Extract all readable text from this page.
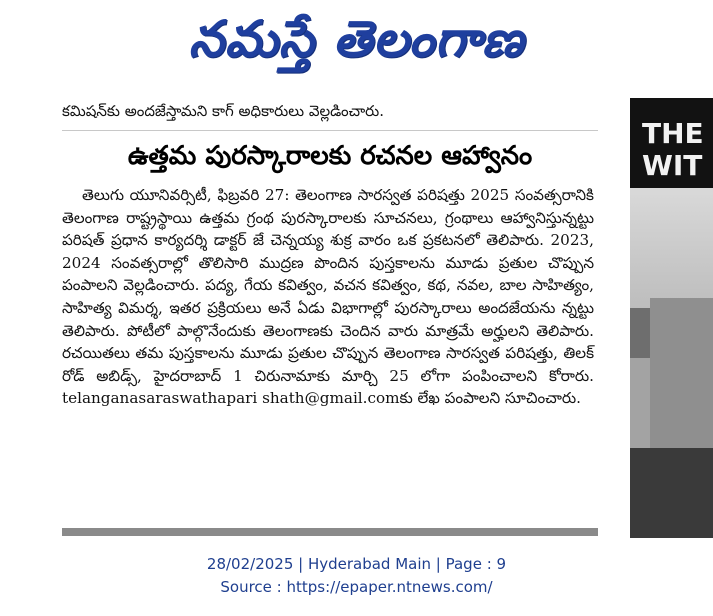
నమస్తే తెలంగాణ
కమిషన్‌కు అందజేస్తామని కాగ్ అధికారులు వెల్లడించారు.
ఉత్తమ పురస్కారాలకు రచనల ఆహ్వానం
తెలుగు యూనివర్సిటీ, ఫిబ్రవరి 27: తెలంగాణ సారస్వత పరిషత్తు 2025 సంవత్సరానికి తెలంగాణ రాష్ట్రస్థాయి ఉత్తమ గ్రంథ పురస్కారాలకు సూచనలు, గ్రంథాలు ఆహ్వానిస్తున్నట్టు పరిషత్ ప్రధాన కార్యదర్శి డాక్టర్ జే చెన్నయ్య శుక్ర వారం ఒక ప్రకటనలో తెలిపారు. 2023, 2024 సంవత్సరాల్లో తొలిసారి ముద్రణ పొందిన పుస్తకాలను మూడు ప్రతుల చొప్పున పంపాలని వెల్లడించారు. పద్య, గేయ కవిత్వం, వచన కవిత్వం, కథ, నవల, బాల సాహిత్యం, సాహిత్య విమర్శ, ఇతర ప్రక్రియలు అనే ఏడు విభాగాల్లో పురస్కారాలు అందజేయను న్నట్టు తెలిపారు. పోటీలో పాల్గొనేందుకు తెలంగాణకు చెందిన వారు మాత్రమే అర్హులని తెలిపారు. రచయితలు తమ పుస్తకాలను మూడు ప్రతుల చొప్పున తెలంగాణ సారస్వత పరిషత్తు, తిలక్ రోడ్ అబిడ్స్, హైదరాబాద్ 1 చిరునామాకు మార్చి 25 లోగా పంపించాలని కోరారు. telanganasaraswathapari shath@gmail.comకు లేఖ పంపాలని సూచించారు.
THE
WIT
28/02/2025 | Hyderabad Main | Page : 9
Source : https://epaper.ntnews.com/
